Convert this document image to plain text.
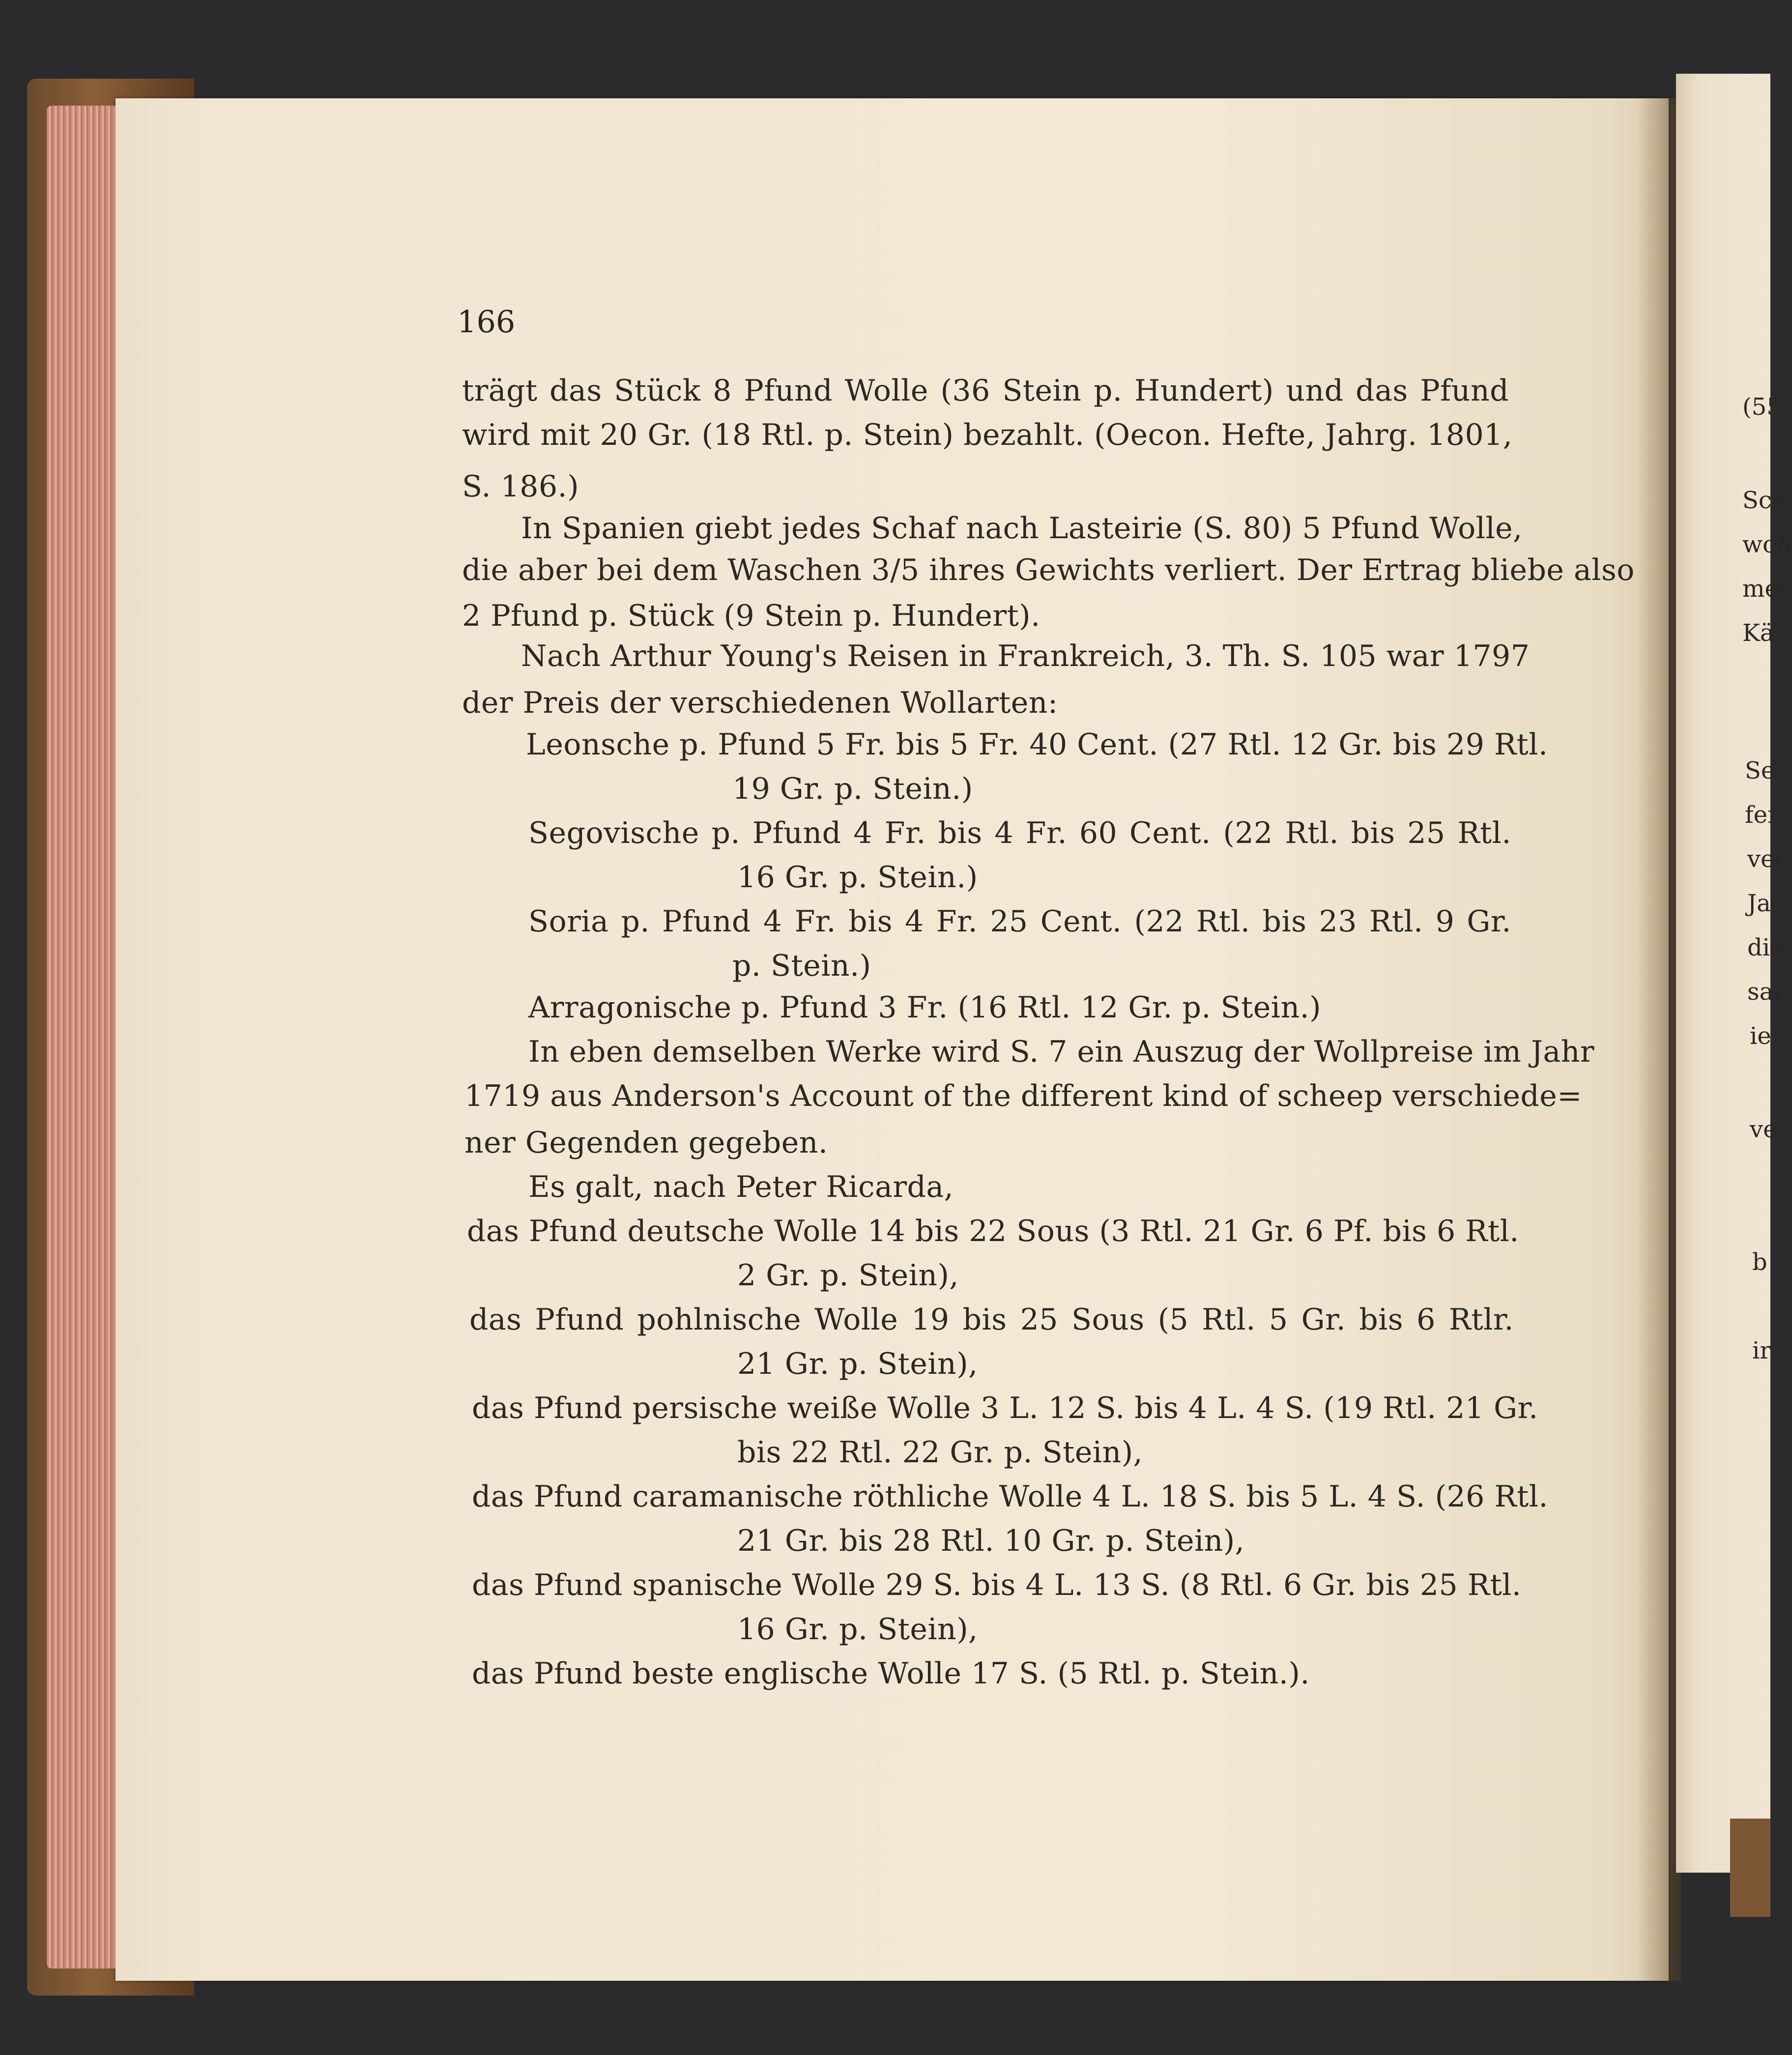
166
trägt das Stück 8 Pfund Wolle (36 Stein p. Hundert) und das Pfund
wird mit 20 Gr. (18 Rtl. p. Stein) bezahlt. (Oecon. Hefte, Jahrg. 1801,
S. 186.)
In Spanien giebt jedes Schaf nach Lasteirie (S. 80) 5 Pfund Wolle,
die aber bei dem Waschen 3/5 ihres Gewichts verliert. Der Ertrag bliebe also
2 Pfund p. Stück (9 Stein p. Hundert).
Nach Arthur Young's Reisen in Frankreich, 3. Th. S. 105 war 1797
der Preis der verschiedenen Wollarten:
Leonsche p. Pfund 5 Fr. bis 5 Fr. 40 Cent. (27 Rtl. 12 Gr. bis 29 Rtl.
19 Gr. p. Stein.)
Segovische p. Pfund 4 Fr. bis 4 Fr. 60 Cent. (22 Rtl. bis 25 Rtl.
16 Gr. p. Stein.)
Soria p. Pfund 4 Fr. bis 4 Fr. 25 Cent. (22 Rtl. bis 23 Rtl. 9 Gr.
p. Stein.)
Arragonische p. Pfund 3 Fr. (16 Rtl. 12 Gr. p. Stein.)
In eben demselben Werke wird S. 7 ein Auszug der Wollpreise im Jahr
1719 aus Anderson's Account of the different kind of scheep verschiede=
ner Gegenden gegeben.
Es galt, nach Peter Ricarda,
das Pfund deutsche Wolle 14 bis 22 Sous (3 Rtl. 21 Gr. 6 Pf. bis 6 Rtl.
2 Gr. p. Stein),
das Pfund pohlnische Wolle 19 bis 25 Sous (5 Rtl. 5 Gr. bis 6 Rtlr.
21 Gr. p. Stein),
das Pfund persische weiße Wolle 3 L. 12 S. bis 4 L. 4 S. (19 Rtl. 21 Gr.
bis 22 Rtl. 22 Gr. p. Stein),
das Pfund caramanische röthliche Wolle 4 L. 18 S. bis 5 L. 4 S. (26 Rtl.
21 Gr. bis 28 Rtl. 10 Gr. p. Stein),
das Pfund spanische Wolle 29 S. bis 4 L. 13 S. (8 Rtl. 6 Gr. bis 25 Rtl.
16 Gr. p. Stein),
das Pfund beste englische Wolle 17 S. (5 Rtl. p. Stein.).
(55
Sch
woh
mei
Kä
Se
fer
ver
Ja
die
sai
ie
ve
b
ir
